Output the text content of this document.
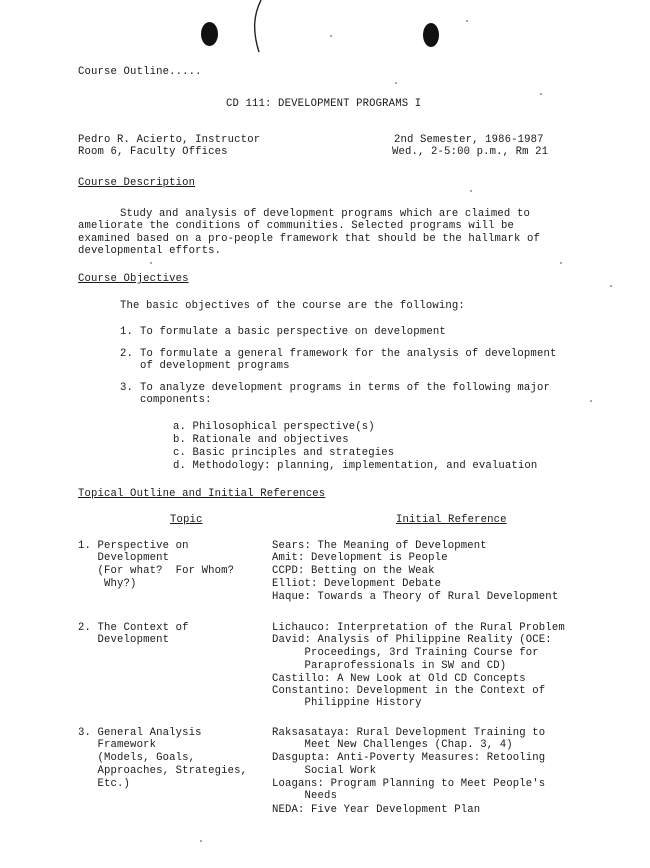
Course Outline.....
CD 111: DEVELOPMENT PROGRAMS I
Pedro R. Acierto, Instructor
Room 6, Faculty Offices
2nd Semester, 1986-1987
Wed., 2-5:00 p.m., Rm 21
Course Description
Study and analysis of development programs which are claimed to
ameliorate the conditions of communities. Selected programs will be
examined based on a pro-people framework that should be the hallmark of
developmental efforts.
Course Objectives
The basic objectives of the course are the following:
1. To formulate a basic perspective on development
2. To formulate a general framework for the analysis of development
of development programs
3. To analyze development programs in terms of the following major
components:
a. Philosophical perspective(s)
b. Rationale and objectives
c. Basic principles and strategies
d. Methodology: planning, implementation, and evaluation
Topical Outline and Initial References
Topic	Initial Reference
1. Perspective on
Development
(For what?  For Whom?
Why?)
Sears: The Meaning of Development
Amit: Development is People
CCPD: Betting on the Weak
Elliot: Development Debate
Haque: Towards a Theory of Rural Development
2. The Context of
Development
Lichauco: Interpretation of the Rural Problem
David: Analysis of Philippine Reality (OCE:
Proceedings, 3rd Training Course for
Paraprofessionals in SW and CD)
Castillo: A New Look at Old CD Concepts
Constantino: Development in the Context of
Philippine History
3. General Analysis
Framework
(Models, Goals,
Approaches, Strategies,
Etc.)
Raksasataya: Rural Development Training to
Meet New Challenges (Chap. 3, 4)
Dasgupta: Anti-Poverty Measures: Retooling
Social Work
Loagans: Program Planning to Meet People's
Needs
NEDA: Five Year Development Plan
